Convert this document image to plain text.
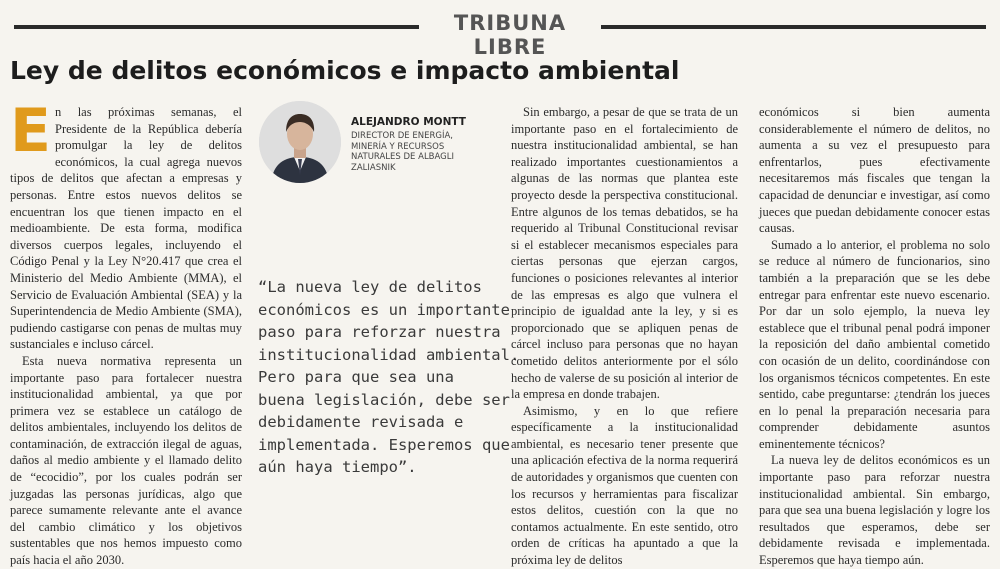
TRIBUNA LIBRE
Ley de delitos económicos e impacto ambiental

En las próximas semanas, el Presidente de la República debería promulgar la ley de delitos económicos, la cual agrega nuevos tipos de delitos que afectan a empresas y personas. Entre estos nuevos delitos se encuentran los que tienen impacto en el medioambiente. De esta forma, modifica diversos cuerpos legales, incluyendo el Código Penal y la Ley N°20.417 que crea el Ministerio del Medio Ambiente (MMA), el Servicio de Evaluación Ambiental (SEA) y la Superintendencia de Medio Ambiente (SMA), pudiendo castigarse con penas de multas muy sustanciales e incluso cárcel.

Esta nueva normativa representa un importante paso para fortalecer nuestra institucionalidad ambiental, ya que por primera vez se establece un catálogo de delitos ambientales, incluyendo los delitos de contaminación, de extracción ilegal de aguas, daños al medio ambiente y el llamado delito de “ecocidio”, por los cuales podrán ser juzgadas las personas jurídicas, algo que parece sumamente relevante ante el avance del cambio climático y los objetivos sustentables que nos hemos impuesto como país hacia el año 2030.

ALEJANDRO MONTT
DIRECTOR DE ENERGÍA,
MINERÍA Y RECURSOS
NATURALES DE ALBAGLI
ZALIASNIK
“La nueva ley de delitos
económicos es un importante
paso para reforzar nuestra
institucionalidad ambiental.
Pero para que sea una
buena legislación, debe ser
debidamente revisada e
implementada. Esperemos que
aún haya tiempo”.

Sin embargo, a pesar de que se trata de un importante paso en el fortalecimiento de nuestra institucionalidad ambiental, se han realizado importantes cuestionamientos a algunas de las normas que plantea este proyecto desde la perspectiva constitucional. Entre algunos de los temas debatidos, se ha requerido al Tribunal Constitucional revisar si el establecer mecanismos especiales para ciertas personas que ejerzan cargos, funciones o posiciones relevantes al interior de las empresas es algo que vulnera el principio de igualdad ante la ley, y si es proporcionado que se apliquen penas de cárcel incluso para personas que no hayan cometido delitos anteriormente por el sólo hecho de valerse de su posición al interior de la empresa en donde trabajen.

Asimismo, y en lo que refiere específicamente a la institucionalidad ambiental, es necesario tener presente que una aplicación efectiva de la norma requerirá de autoridades y organismos que cuenten con los recursos y herramientas para fiscalizar estos delitos, cuestión con la que no contamos actualmente. En este sentido, otro orden de críticas ha apuntado a que la próxima ley de delitos

económicos si bien aumenta considerablemente el número de delitos, no aumenta a su vez el presupuesto para enfrentarlos, pues efectivamente necesitaremos más fiscales que tengan la capacidad de denunciar e investigar, así como jueces que puedan debidamente conocer estas causas.

Sumado a lo anterior, el problema no solo se reduce al número de funcionarios, sino también a la preparación que se les debe entregar para enfrentar este nuevo escenario. Por dar un solo ejemplo, la nueva ley establece que el tribunal penal podrá imponer la reposición del daño ambiental cometido con ocasión de un delito, coordinándose con los organismos técnicos competentes. En este sentido, cabe preguntarse: ¿tendrán los jueces en lo penal la preparación necesaria para comprender debidamente asuntos eminentemente técnicos?

La nueva ley de delitos económicos es un importante paso para reforzar nuestra institucionalidad ambiental. Sin embargo, para que sea una buena legislación y logre los resultados que esperamos, debe ser debidamente revisada e implementada. Esperemos que haya tiempo aún.
